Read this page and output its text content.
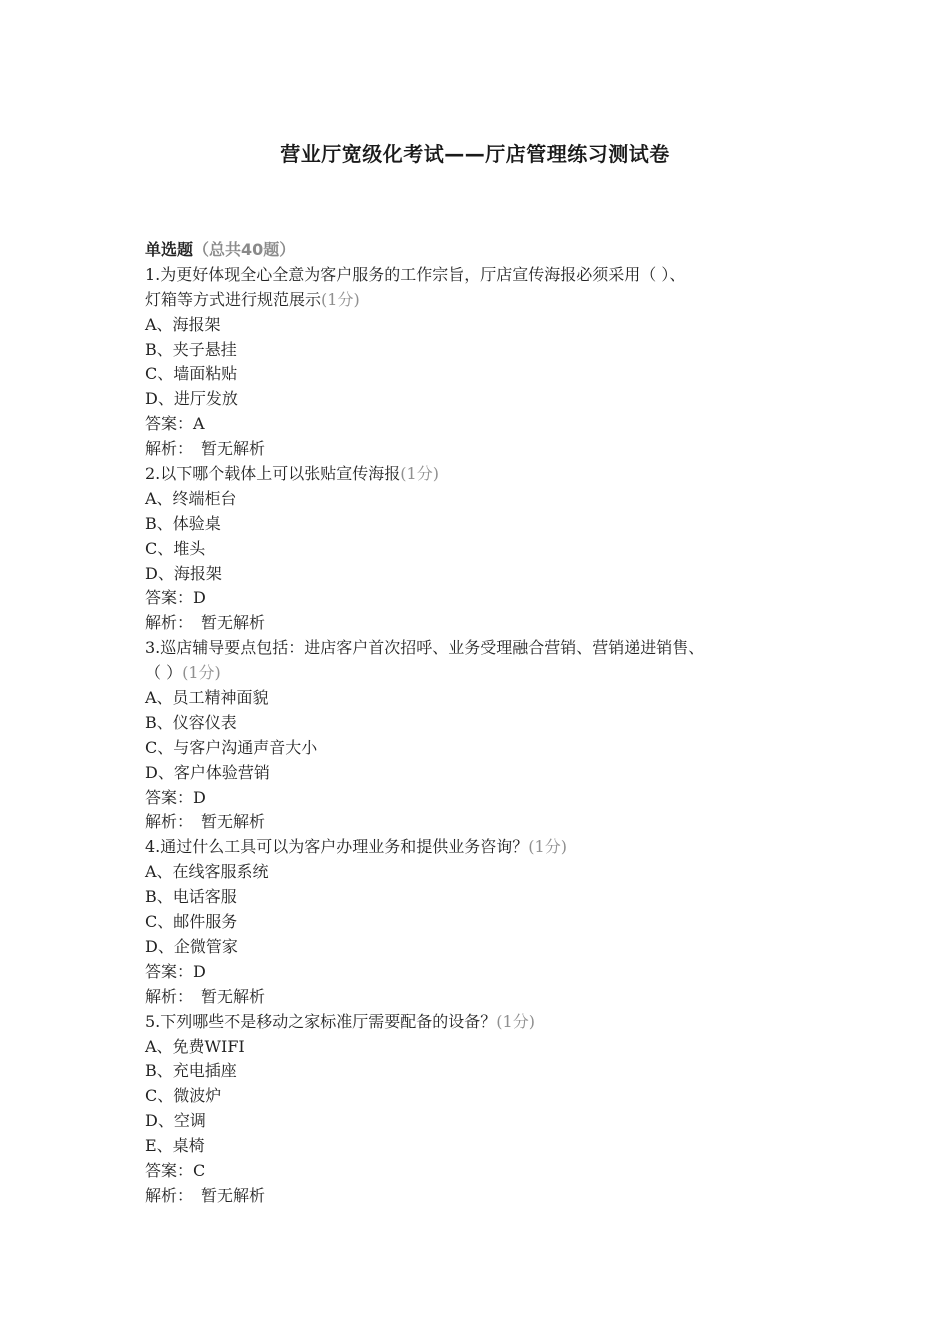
营业厅宽级化考试——厅店管理练习测试卷
单选题（总共40题）
1.为更好体现全心全意为客户服务的工作宗旨，厅店宣传海报必须采用（ ）、
灯箱等方式进行规范展示(1分)
A、海报架
B、夹子悬挂
C、墙面粘贴
D、进厅发放
答案：A
解析：　暂无解析
2.以下哪个载体上可以张贴宣传海报(1分)
A、终端柜台
B、体验桌
C、堆头
D、海报架
答案：D
解析：　暂无解析
3.巡店辅导要点包括：进店客户首次招呼、业务受理融合营销、营销递进销售、
（ ）(1分)
A、员工精神面貌
B、仪容仪表
C、与客户沟通声音大小
D、客户体验营销
答案：D
解析：　暂无解析
4.通过什么工具可以为客户办理业务和提供业务咨询？(1分)
A、在线客服系统
B、电话客服
C、邮件服务
D、企微管家
答案：D
解析：　暂无解析
5.下列哪些不是移动之家标准厅需要配备的设备？(1分)
A、免费WIFI
B、充电插座
C、微波炉
D、空调
E、桌椅
答案：C
解析：　暂无解析
